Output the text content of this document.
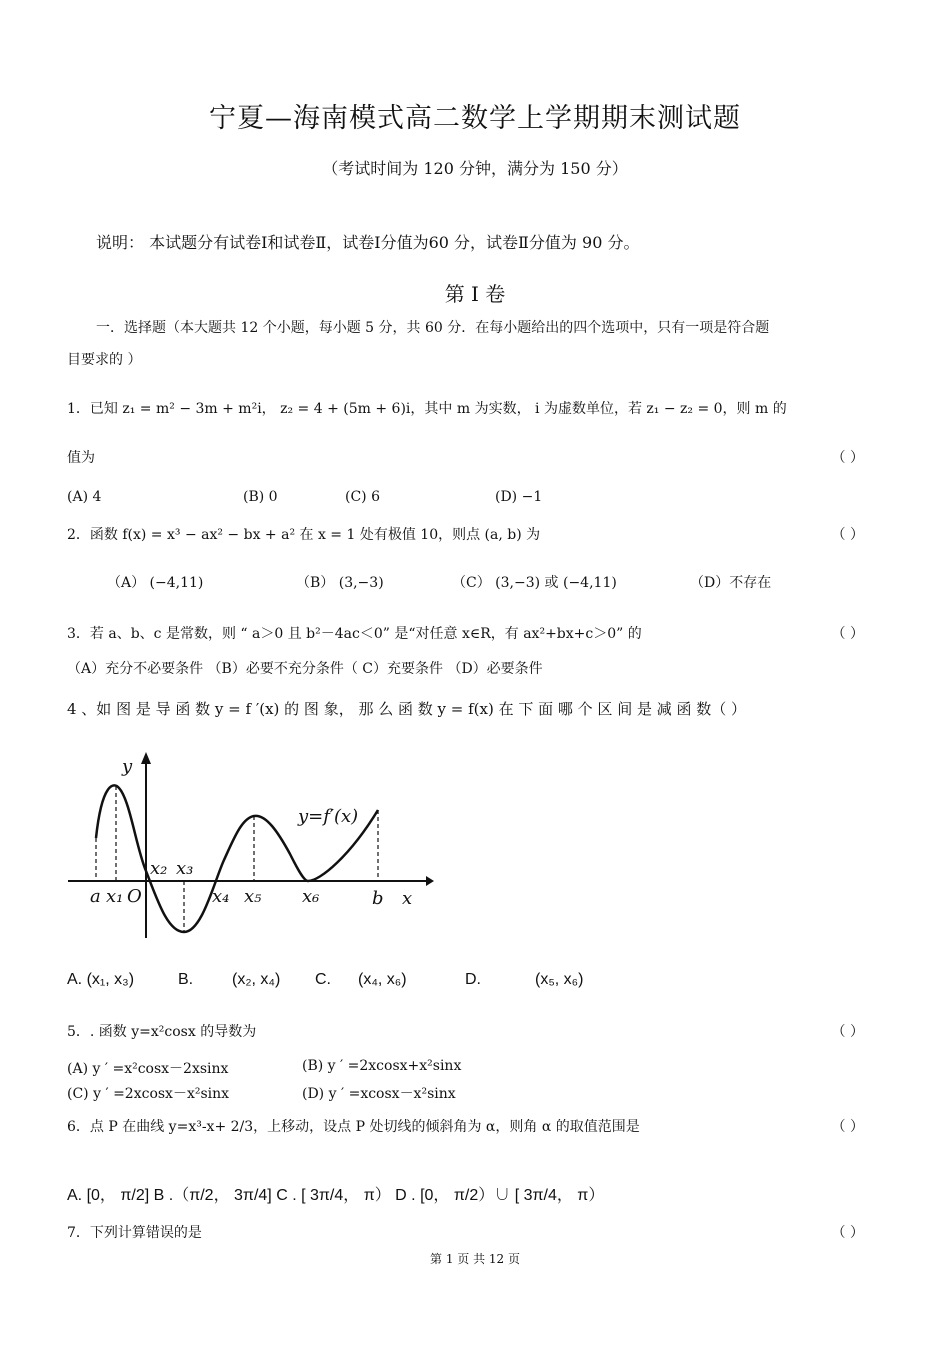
宁夏—海南模式高二数学上学期期末测试题
（考试时间为 120 分钟，满分为 150 分）
说明： 本试题分有试卷Ⅰ和试卷Ⅱ，试卷Ⅰ分值为60 分，试卷Ⅱ分值为 90 分。
第 Ⅰ 卷
一．选择题（本大题共 12 个小题，每小题 5 分，共 60 分．在每小题给出的四个选项中，只有一项是符合题
目要求的 ）
1．已知 z₁ = m² − 3m + m²i， z₂ = 4 + (5m + 6)i，其中 m 为实数， i 为虚数单位，若 z₁ − z₂ = 0，则 m 的
值为	（ ）
(A) 4	(B) 0	(C) 6	(D) −1
2．函数 f(x) = x³ − ax² − bx + a² 在 x = 1 处有极值 10，则点 (a, b) 为	（ ）
（A） (−4,11)	（B） (3,−3)	（C） (3,−3) 或 (−4,11)	（D）不存在
3．若 a、b、c 是常数，则 “ a＞0 且 b²－4ac＜0” 是“对任意 x∈R，有 ax²+bx+c＞0” 的	（ ）
（A）充分不必要条件 （B）必要不充分条件（ C）充要条件 （D）必要条件
4 、如 图 是 导 函 数 y = f ′(x) 的 图 象， 那 么 函 数 y = f(x) 在 下 面 哪 个 区 间 是 减 函 数（ ）
y
y=f′(x)
a x₁ O
x₂ x₃
x₄ x₅ x₆	b x
A. (x₁, x₃)	B. (x₂, x₄) C. (x₄, x₆)	D.	(x₅, x₆)
5．. 函数 y=x²cosx 的导数为	（ ）
(A) y ′ =x²cosx－2xsinx	(B) y ′ =2xcosx+x²sinx
(C) y ′ =2xcosx－x²sinx	(D) y ′ =xcosx－x²sinx
6．点 P 在曲线 y=x³-x+ 2/3，上移动，设点 P 处切线的倾斜角为 α，则角 α 的取值范围是	（ ）
A. [0， π/2] B .（π/2， 3π/4] C . [ 3π/4， π） D . [0， π/2）∪ [ 3π/4， π）
7．下列计算错误的是	（ ）
第 1 页 共 12 页
